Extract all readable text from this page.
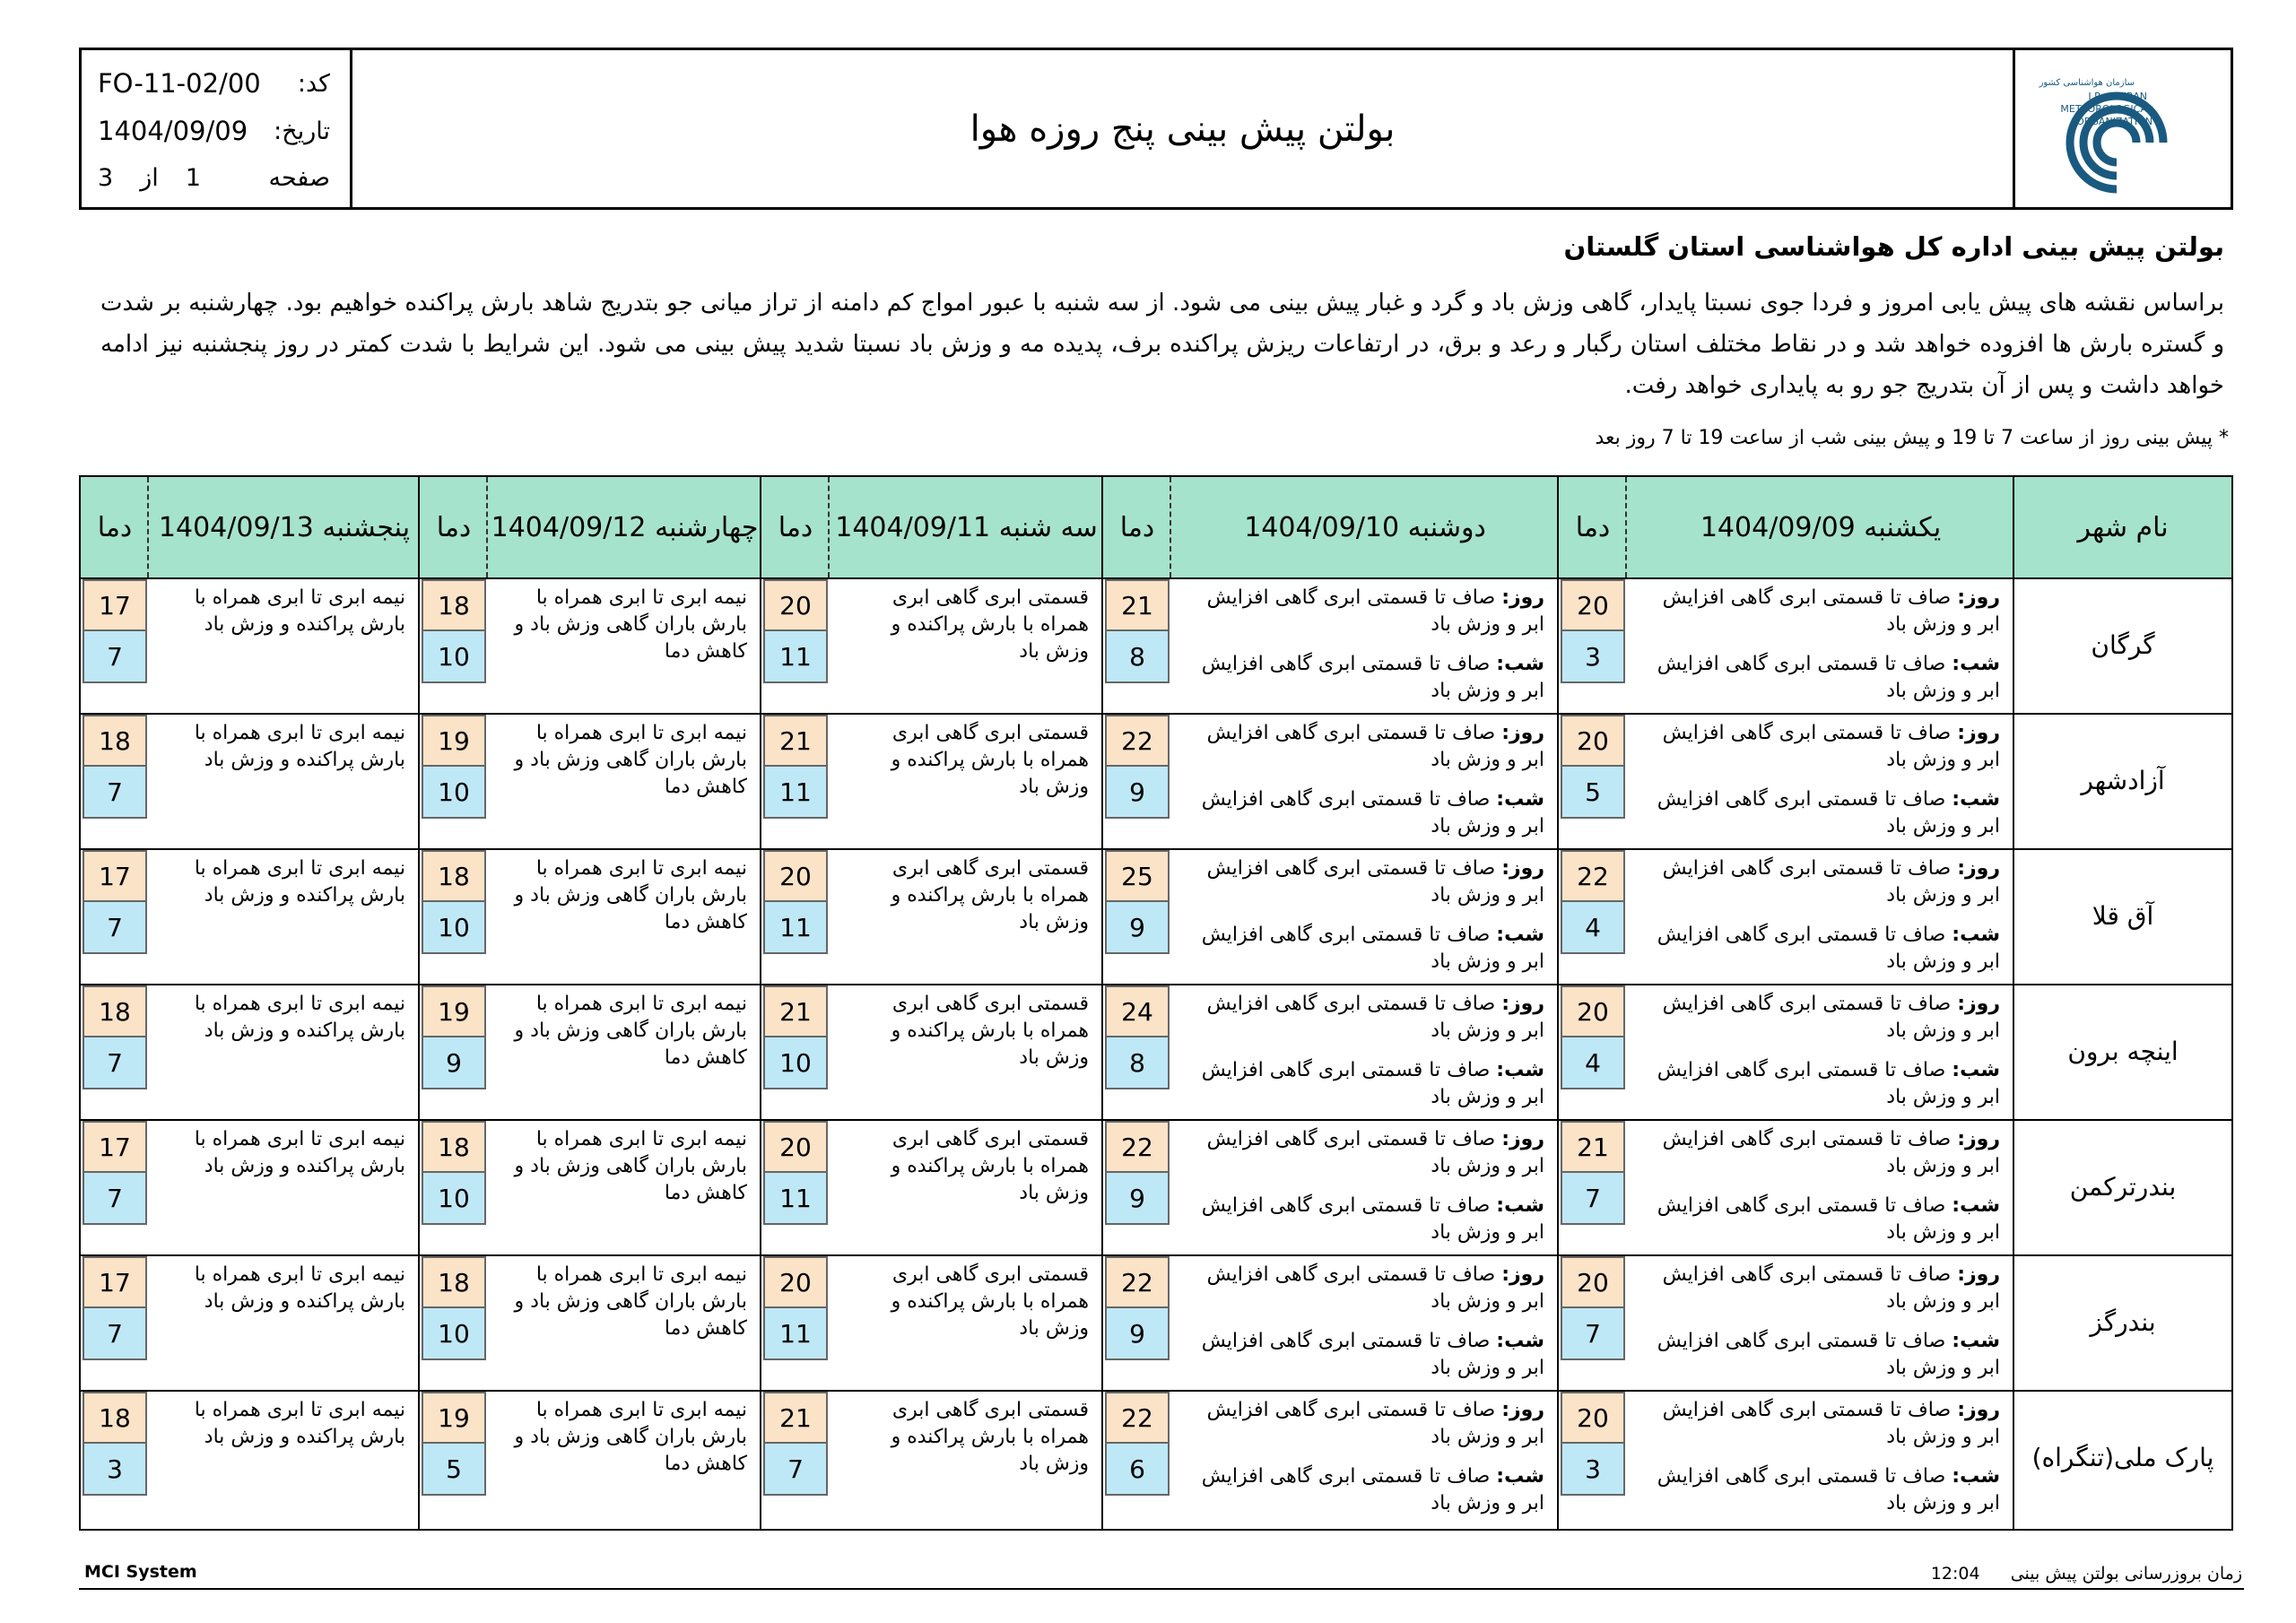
کد:
FO-11-02/00
تاریخ:
1404/09/09
صفحه
1
از
3
بولتن پیش بینی پنج روزه هوا
سازمان هواشناسی کشور
I.R. OF IRAN
METEOROLOGICAL
ORGANIZATION
بولتن پیش بینی اداره کل هواشناسی استان گلستان
براساس نقشه های پیش یابی امروز و فردا جوی نسبتا پایدار، گاهی وزش باد و گرد و غبار پیش بینی می شود. از سه شنبه با عبور امواج کم دامنه از تراز میانی جو بتدریج شاهد بارش پراکنده خواهیم بود. چهارشنبه بر شدت و گستره بارش ها افزوده خواهد شد و در نقاط مختلف استان رگبار و رعد و برق، در ارتفاعات ریزش پراکنده برف، پدیده مه و وزش باد نسبتا شدید پیش بینی می شود. این شرایط با شدت کمتر در روز پنجشنبه نیز ادامه خواهد داشت و پس از آن بتدریج جو رو به پایداری خواهد رفت.
* پیش بینی روز از ساعت 7 تا 19 و پیش بینی شب از ساعت 19 تا 7 روز بعد
نام شهر
یکشنبه 1404/09/09
دما
دوشنبه 1404/09/10
دما
سه شنبه 1404/09/11
دما
چهارشنبه 1404/09/12
دما
پنجشنبه 1404/09/13
دما
گرگان
روز: صاف تا قسمتی ابری گاهی افزایش ابر و وزش باد
شب: صاف تا قسمتی ابری گاهی افزایش ابر و وزش باد
20
3
روز: صاف تا قسمتی ابری گاهی افزایش ابر و وزش باد
شب: صاف تا قسمتی ابری گاهی افزایش ابر و وزش باد
21
8
قسمتی ابری گاهی ابری همراه با بارش پراکنده و وزش باد
20
11
نیمه ابری تا ابری همراه با بارش باران گاهی وزش باد و کاهش دما
18
10
نیمه ابری تا ابری همراه با بارش پراکنده و وزش باد
17
7
آزادشهر
روز: صاف تا قسمتی ابری گاهی افزایش ابر و وزش باد
شب: صاف تا قسمتی ابری گاهی افزایش ابر و وزش باد
20
5
روز: صاف تا قسمتی ابری گاهی افزایش ابر و وزش باد
شب: صاف تا قسمتی ابری گاهی افزایش ابر و وزش باد
22
9
قسمتی ابری گاهی ابری همراه با بارش پراکنده و وزش باد
21
11
نیمه ابری تا ابری همراه با بارش باران گاهی وزش باد و کاهش دما
19
10
نیمه ابری تا ابری همراه با بارش پراکنده و وزش باد
18
7
آق قلا
روز: صاف تا قسمتی ابری گاهی افزایش ابر و وزش باد
شب: صاف تا قسمتی ابری گاهی افزایش ابر و وزش باد
22
4
روز: صاف تا قسمتی ابری گاهی افزایش ابر و وزش باد
شب: صاف تا قسمتی ابری گاهی افزایش ابر و وزش باد
25
9
قسمتی ابری گاهی ابری همراه با بارش پراکنده و وزش باد
20
11
نیمه ابری تا ابری همراه با بارش باران گاهی وزش باد و کاهش دما
18
10
نیمه ابری تا ابری همراه با بارش پراکنده و وزش باد
17
7
اینچه برون
روز: صاف تا قسمتی ابری گاهی افزایش ابر و وزش باد
شب: صاف تا قسمتی ابری گاهی افزایش ابر و وزش باد
20
4
روز: صاف تا قسمتی ابری گاهی افزایش ابر و وزش باد
شب: صاف تا قسمتی ابری گاهی افزایش ابر و وزش باد
24
8
قسمتی ابری گاهی ابری همراه با بارش پراکنده و وزش باد
21
10
نیمه ابری تا ابری همراه با بارش باران گاهی وزش باد و کاهش دما
19
9
نیمه ابری تا ابری همراه با بارش پراکنده و وزش باد
18
7
بندرترکمن
روز: صاف تا قسمتی ابری گاهی افزایش ابر و وزش باد
شب: صاف تا قسمتی ابری گاهی افزایش ابر و وزش باد
21
7
روز: صاف تا قسمتی ابری گاهی افزایش ابر و وزش باد
شب: صاف تا قسمتی ابری گاهی افزایش ابر و وزش باد
22
9
قسمتی ابری گاهی ابری همراه با بارش پراکنده و وزش باد
20
11
نیمه ابری تا ابری همراه با بارش باران گاهی وزش باد و کاهش دما
18
10
نیمه ابری تا ابری همراه با بارش پراکنده و وزش باد
17
7
بندرگز
روز: صاف تا قسمتی ابری گاهی افزایش ابر و وزش باد
شب: صاف تا قسمتی ابری گاهی افزایش ابر و وزش باد
20
7
روز: صاف تا قسمتی ابری گاهی افزایش ابر و وزش باد
شب: صاف تا قسمتی ابری گاهی افزایش ابر و وزش باد
22
9
قسمتی ابری گاهی ابری همراه با بارش پراکنده و وزش باد
20
11
نیمه ابری تا ابری همراه با بارش باران گاهی وزش باد و کاهش دما
18
10
نیمه ابری تا ابری همراه با بارش پراکنده و وزش باد
17
7
پارک ملی(تنگراه)
روز: صاف تا قسمتی ابری گاهی افزایش ابر و وزش باد
شب: صاف تا قسمتی ابری گاهی افزایش ابر و وزش باد
20
3
روز: صاف تا قسمتی ابری گاهی افزایش ابر و وزش باد
شب: صاف تا قسمتی ابری گاهی افزایش ابر و وزش باد
22
6
قسمتی ابری گاهی ابری همراه با بارش پراکنده و وزش باد
21
7
نیمه ابری تا ابری همراه با بارش باران گاهی وزش باد و کاهش دما
19
5
نیمه ابری تا ابری همراه با بارش پراکنده و وزش باد
18
3
MCI System	زمان بروزرسانی بولتن پیش بینی  12:04
